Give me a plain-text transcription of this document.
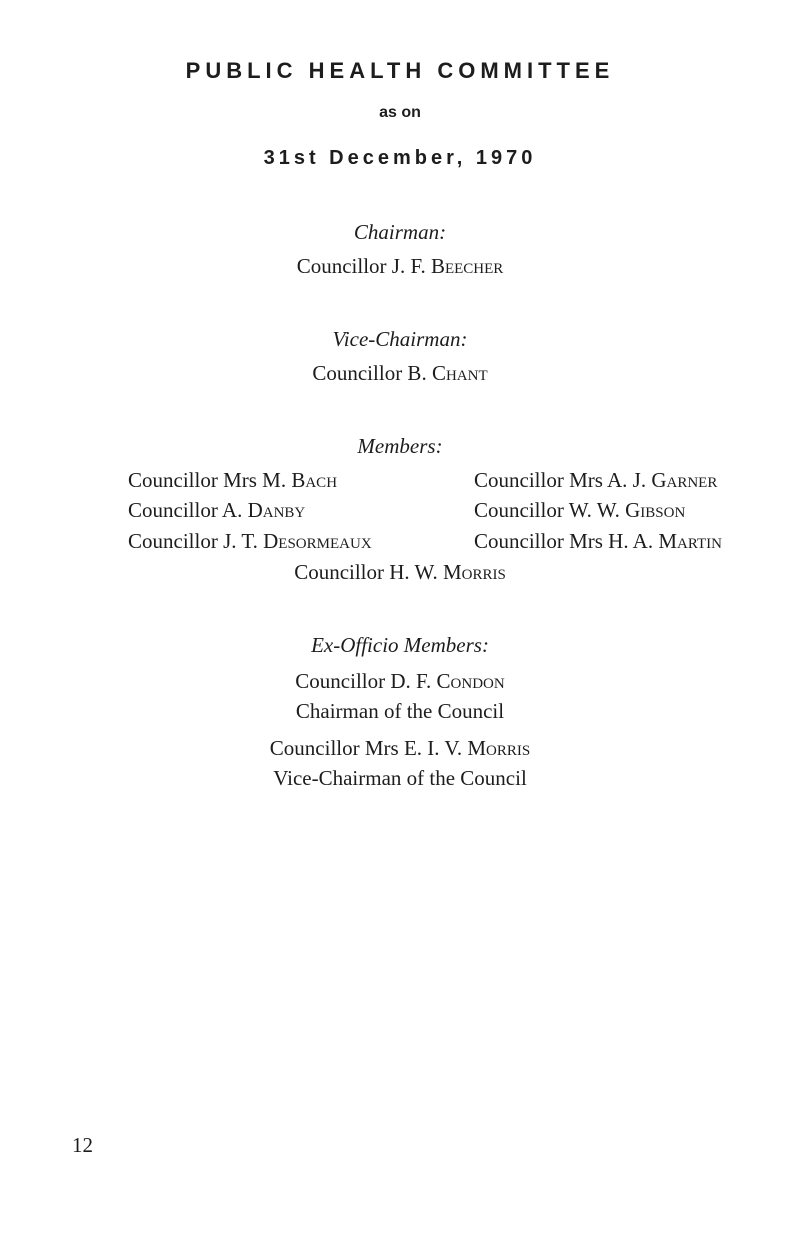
PUBLIC HEALTH COMMITTEE
as on
31st December, 1970
Chairman:
Councillor J. F. Beecher
Vice-Chairman:
Councillor B. Chant
Members:
Councillor Mrs M. Bach
Councillor A. Danby
Councillor J. T. Desormeaux
Councillor Mrs A. J. Garner
Councillor W. W. Gibson
Councillor Mrs H. A. Martin
Councillor H. W. Morris
Ex-Officio Members:
Councillor D. F. Condon
Chairman of the Council
Councillor Mrs E. I. V. Morris
Vice-Chairman of the Council
12
